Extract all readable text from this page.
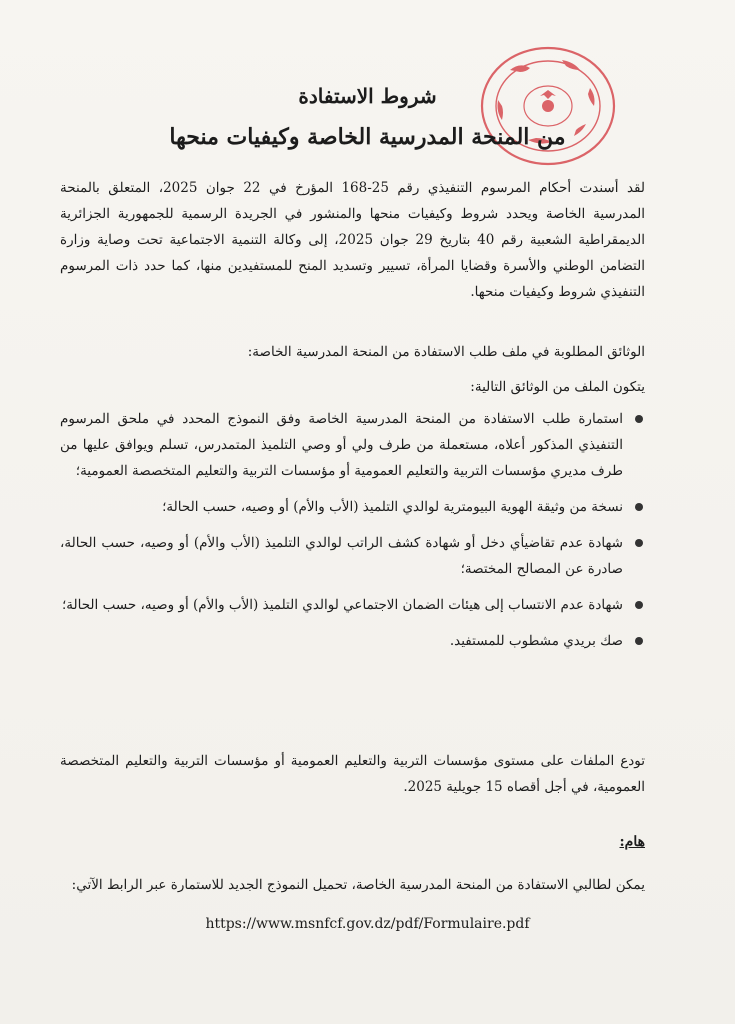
شروط الاستفادة
من المنحة المدرسية الخاصة وكيفيات منحها
لقد أسندت أحكام المرسوم التنفيذي رقم 25-168 المؤرخ في 22 جوان 2025، المتعلق بالمنحة المدرسية الخاصة ويحدد شروط وكيفيات منحها والمنشور في الجريدة الرسمية للجمهورية الجزائرية الديمقراطية الشعبية رقم 40 بتاريخ 29 جوان 2025، إلى وكالة التنمية الاجتماعية تحت وصاية وزارة التضامن الوطني والأسرة وقضايا المرأة، تسيير وتسديد المنح للمستفيدين منها، كما حدد ذات المرسوم التنفيذي شروط وكيفيات منحها.
الوثائق المطلوبة في ملف طلب الاستفادة من المنحة المدرسية الخاصة:
يتكون الملف من الوثائق التالية:
استمارة طلب الاستفادة من المنحة المدرسية الخاصة وفق النموذج المحدد في ملحق المرسوم التنفيذي المذكور أعلاه، مستعملة من طرف ولي أو وصي التلميذ المتمدرس، تسلم ويوافق عليها من طرف مديري مؤسسات التربية والتعليم العمومية أو مؤسسات التربية والتعليم المتخصصة العمومية؛
نسخة من وثيقة الهوية البيومترية لوالدي التلميذ (الأب والأم) أو وصيه، حسب الحالة؛
شهادة عدم تقاضيأي دخل أو شهادة كشف الراتب لوالدي التلميذ (الأب والأم) أو وصيه، حسب الحالة، صادرة عن المصالح المختصة؛
شهادة عدم الانتساب إلى هيئات الضمان الاجتماعي لوالدي التلميذ (الأب والأم) أو وصيه، حسب الحالة؛
صك بريدي مشطوب للمستفيد.
تودع الملفات على مستوى مؤسسات التربية والتعليم العمومية أو مؤسسات التربية والتعليم المتخصصة العمومية، في أجل أقصاه 15 جويلية 2025.
هام:
يمكن لطالبي الاستفادة من المنحة المدرسية الخاصة، تحميل النموذج الجديد للاستمارة عبر الرابط الآتي:
https://www.msnfcf.gov.dz/pdf/Formulaire.pdf
